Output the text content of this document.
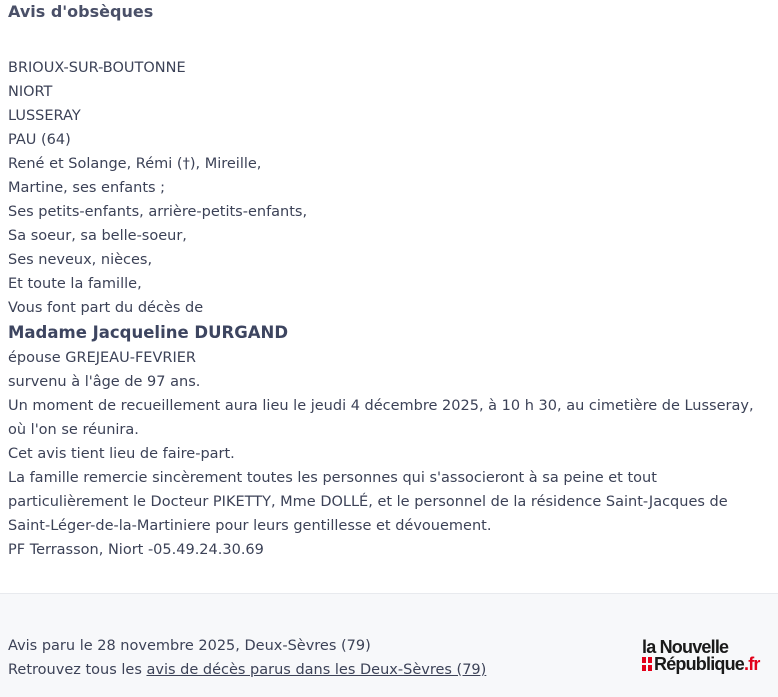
Avis d'obsèques
BRIOUX-SUR-BOUTONNE
NIORT
LUSSERAY
PAU (64)
René et Solange, Rémi (†), Mireille,
Martine, ses enfants ;
Ses petits-enfants, arrière-petits-enfants,
Sa soeur, sa belle-soeur,
Ses neveux, nièces,
Et toute la famille,
Vous font part du décès de
Madame Jacqueline DURGAND
épouse GREJEAU-FEVRIER
survenu à l'âge de 97 ans.
Un moment de recueillement aura lieu le jeudi 4 décembre 2025, à 10 h 30, au cimetière de Lusseray, où l'on se réunira.
Cet avis tient lieu de faire-part.
La famille remercie sincèrement toutes les personnes qui s'associeront à sa peine et tout particulièrement le Docteur PIKETTY, Mme DOLLÉ, et le personnel de la résidence Saint-Jacques de Saint-Léger-de-la-Martiniere pour leurs gentillesse et dévouement.
PF Terrasson, Niort -05.49.24.30.69
Avis paru le 28 novembre 2025, Deux-Sèvres (79)
Retrouvez tous les avis de décès parus dans les Deux-Sèvres (79)
la Nouvelle
République.fr
